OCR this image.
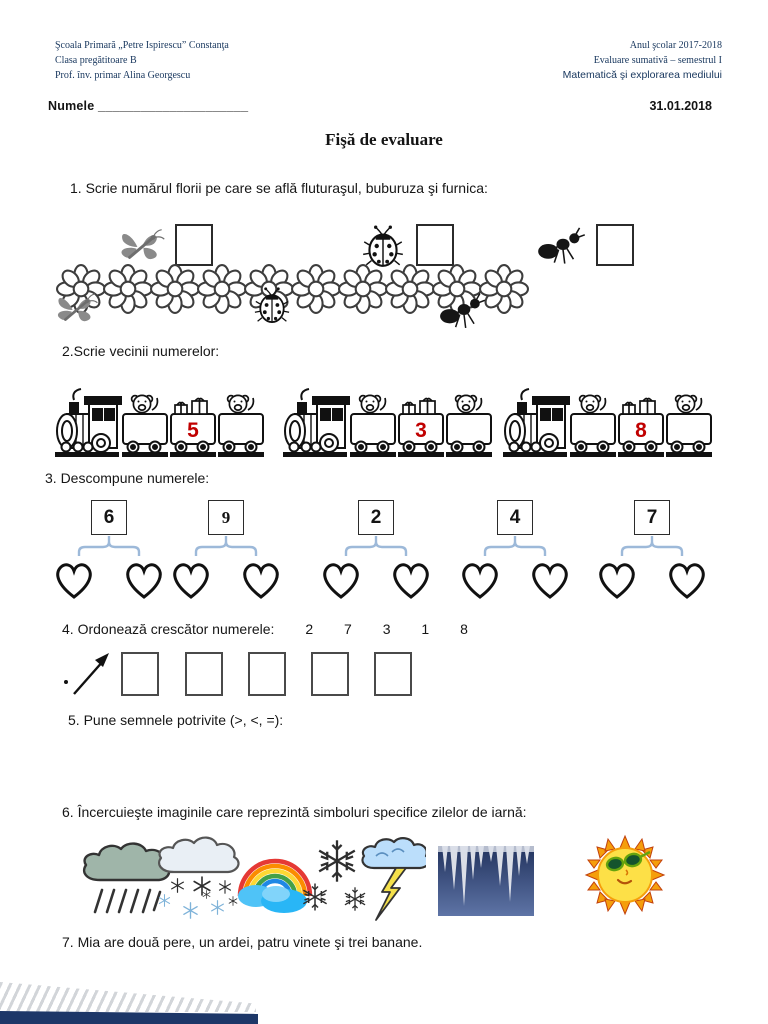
Şcoala Primară „Petre Ispirescu” Constanţa
Clasa pregătitoare B
Prof. înv. primar Alina Georgescu
Anul şcolar 2017-2018
Evaluare sumativă – semestrul I
Matematică şi explorarea mediului
Numele _____________________	31.01.2018
Fişă de evaluare
1. Scrie numărul florii pe care se află fluturaşul, buburuza şi furnica:
2.Scrie vecinii numerelor:
5	3	8
3. Descompune numerele:
6	9	2	4	7
4. Ordonează crescător numerele: 2 7 3 1 8
5. Pune semnele potrivite (>, <, =):
6. Încercuieşte imaginile care reprezintă simboluri specifice zilelor de iarnă:
7. Mia are două pere, un ardei, patru vinete şi trei banane.
